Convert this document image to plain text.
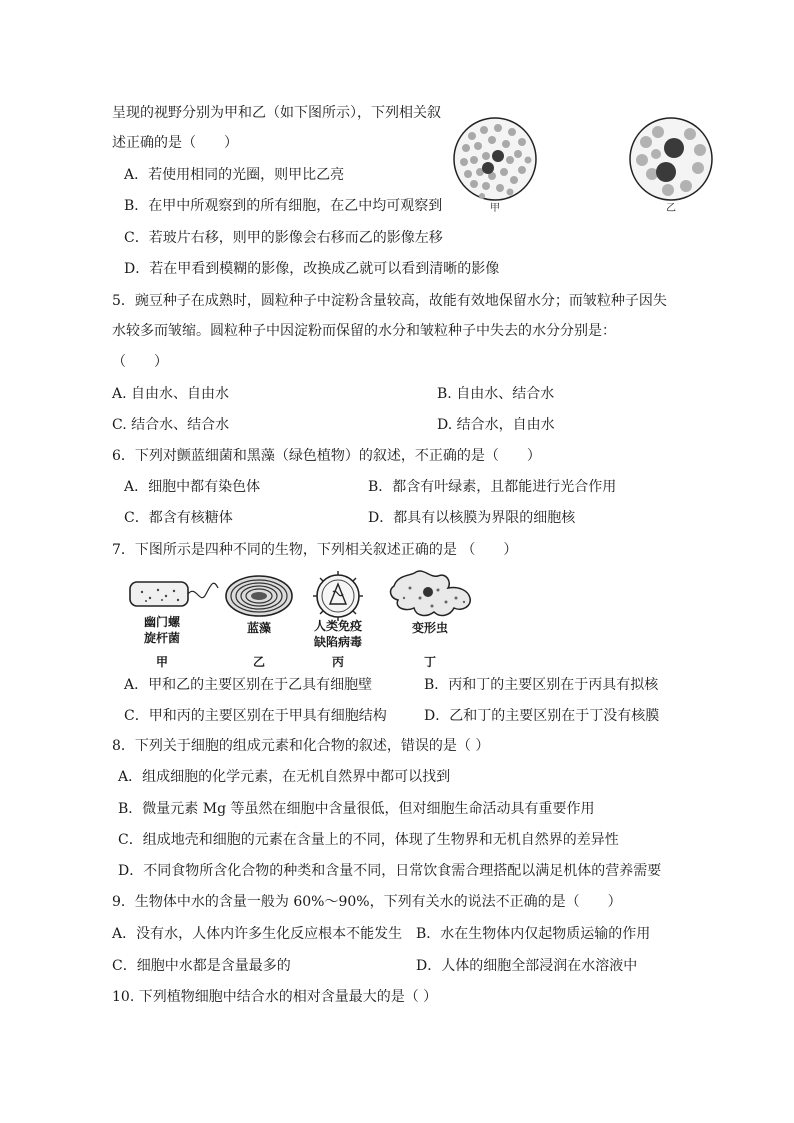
呈现的视野分别为甲和乙（如下图所示），下列相关叙
述正确的是（　　）
A．若使用相同的光圈，则甲比乙亮
B．在甲中所观察到的所有细胞，在乙中均可观察到
C．若玻片右移，则甲的影像会右移而乙的影像左移
D．若在甲看到模糊的影像，改换成乙就可以看到清晰的影像
甲	乙
5．豌豆种子在成熟时，圆粒种子中淀粉含量较高，故能有效地保留水分；而皱粒种子因失
水较多而皱缩。圆粒种子中因淀粉而保留的水分和皱粒种子中失去的水分分别是：
（　　）
A. 自由水、自由水	B. 自由水、结合水
C. 结合水、结合水	D. 结合水，自由水
6．下列对颤蓝细菌和黑藻（绿色植物）的叙述，不正确的是（　　）
A．细胞中都有染色体	B．都含有叶绿素，且都能进行光合作用
C．都含有核糖体	D．都具有以核膜为界限的细胞核
7．下图所示是四种不同的生物，下列相关叙述正确的是 （　　）
幽门螺
旋杆菌
甲
蓝藻
乙
人类免疫
缺陷病毒
丙
变形虫
丁
A．甲和乙的主要区别在于乙具有细胞壁	B．丙和丁的主要区别在于丙具有拟核
C．甲和丙的主要区别在于甲具有细胞结构	D．乙和丁的主要区别在于丁没有核膜
8．下列关于细胞的组成元素和化合物的叙述，错误的是（ ）
A．组成细胞的化学元素，在无机自然界中都可以找到
B．微量元素 Mg 等虽然在细胞中含量很低，但对细胞生命活动具有重要作用
C．组成地壳和细胞的元素在含量上的不同，体现了生物界和无机自然界的差异性
D．不同食物所含化合物的种类和含量不同，日常饮食需合理搭配以满足机体的营养需要
9．生物体中水的含量一般为 60%～90%，下列有关水的说法不正确的是（　　）
A．没有水，人体内许多生化反应根本不能发生 B．水在生物体内仅起物质运输的作用
C．细胞中水都是含量最多的	D．人体的细胞全部浸润在水溶液中
10. 下列植物细胞中结合水的相对含量最大的是（ ）
